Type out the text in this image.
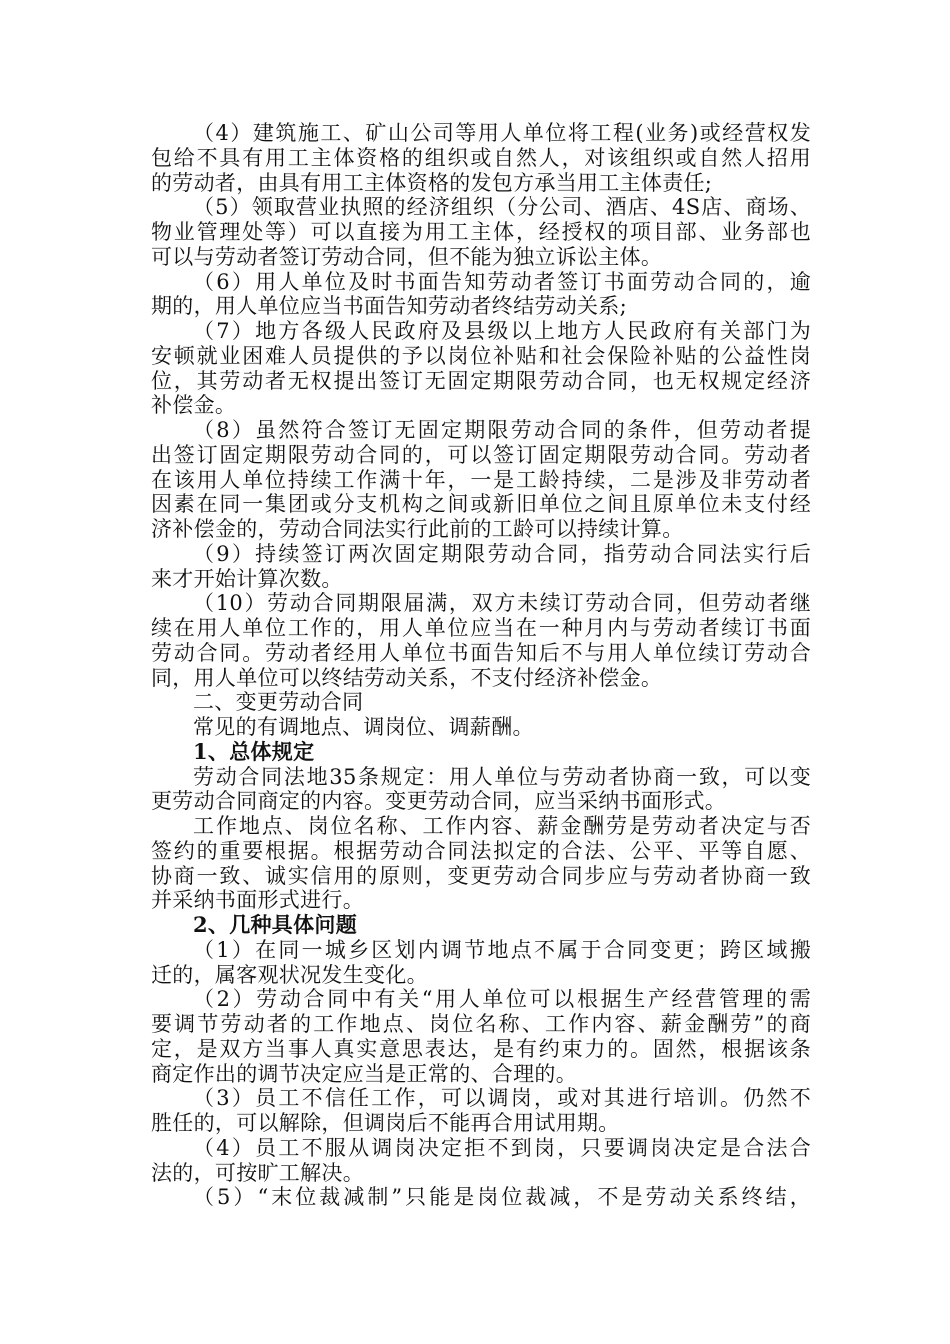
（4）建筑施工、矿山公司等用人单位将工程(业务)或经营权发
包给不具有用工主体资格的组织或自然人，对该组织或自然人招用
的劳动者，由具有用工主体资格的发包方承当用工主体责任;
（5）领取营业执照的经济组织（分公司、酒店、4S店、商场、
物业管理处等）可以直接为用工主体，经授权的项目部、业务部也
可以与劳动者签订劳动合同，但不能为独立诉讼主体。
（6）用人单位及时书面告知劳动者签订书面劳动合同的，逾
期的，用人单位应当书面告知劳动者终结劳动关系;
（7）地方各级人民政府及县级以上地方人民政府有关部门为
安顿就业困难人员提供的予以岗位补贴和社会保险补贴的公益性岗
位，其劳动者无权提出签订无固定期限劳动合同，也无权规定经济
补偿金。
（8）虽然符合签订无固定期限劳动合同的条件，但劳动者提
出签订固定期限劳动合同的，可以签订固定期限劳动合同。劳动者
在该用人单位持续工作满十年，一是工龄持续，二是涉及非劳动者
因素在同一集团或分支机构之间或新旧单位之间且原单位未支付经
济补偿金的，劳动合同法实行此前的工龄可以持续计算。
（9）持续签订两次固定期限劳动合同，指劳动合同法实行后
来才开始计算次数。
（10）劳动合同期限届满，双方未续订劳动合同，但劳动者继
续在用人单位工作的，用人单位应当在一种月内与劳动者续订书面
劳动合同。劳动者经用人单位书面告知后不与用人单位续订劳动合
同，用人单位可以终结劳动关系，不支付经济补偿金。
二、变更劳动合同
常见的有调地点、调岗位、调薪酬。
1、总体规定
劳动合同法地35条规定：用人单位与劳动者协商一致，可以变
更劳动合同商定的内容。变更劳动合同，应当采纳书面形式。
工作地点、岗位名称、工作内容、薪金酬劳是劳动者决定与否
签约的重要根据。根据劳动合同法拟定的合法、公平、平等自愿、
协商一致、诚实信用的原则，变更劳动合同步应与劳动者协商一致
并采纳书面形式进行。
2、几种具体问题
（1）在同一城乡区划内调节地点不属于合同变更；跨区域搬
迁的，属客观状况发生变化。
（2）劳动合同中有关“用人单位可以根据生产经营管理的需
要调节劳动者的工作地点、岗位名称、工作内容、薪金酬劳”的商
定，是双方当事人真实意思表达，是有约束力的。固然，根据该条
商定作出的调节决定应当是正常的、合理的。
（3）员工不信任工作，可以调岗，或对其进行培训。仍然不
胜任的，可以解除，但调岗后不能再合用试用期。
（4）员工不服从调岗决定拒不到岗，只要调岗决定是合法合
法的，可按旷工解决。
（5）“末位裁减制”只能是岗位裁减，不是劳动关系终结，
